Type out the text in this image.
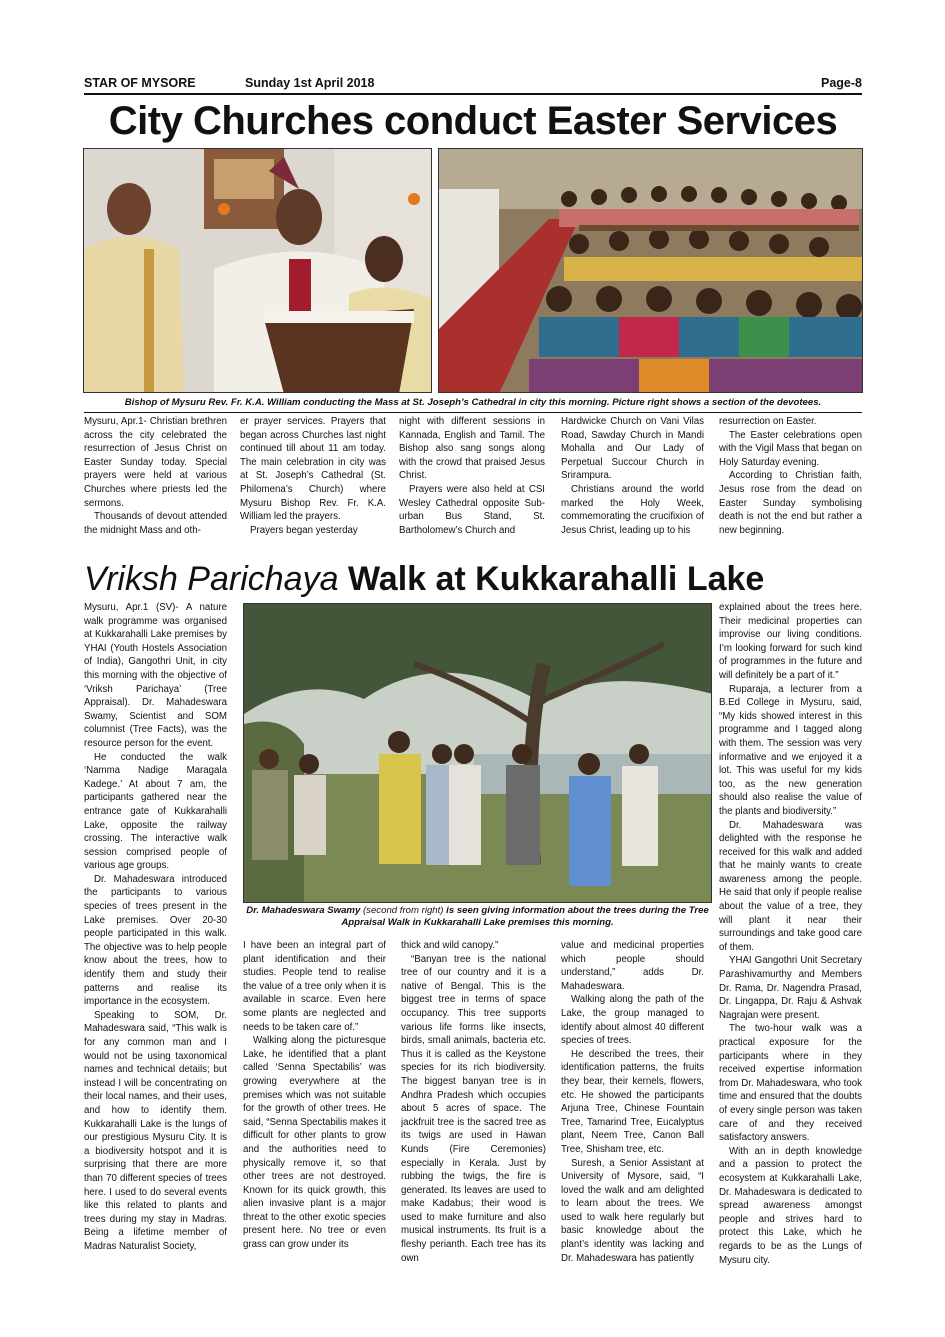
STAR OF MYSORE	Sunday 1st April 2018	Page-8
City Churches conduct Easter Services
Bishop of Mysuru Rev. Fr. K.A. William conducting the Mass at St. Joseph’s Cathedral in city this morning. Picture right shows a section of the devotees.

Mysuru, Apr.1- Christian brethren across the city celebrated the resurrection of Jesus Christ on Easter Sunday today. Special prayers were held at various Churches where priests led the sermons.

Thousands of devout attended the midnight Mass and oth-

er prayer services. Prayers that began across Churches last night continued till about 11 am today. The main celebration in city was at St. Joseph’s Cathedral (St. Philomena’s Church) where Mysuru Bishop Rev. Fr. K.A. William led the prayers.

Prayers began yesterday

night with different sessions in Kannada, English and Tamil. The Bishop also sang songs along with the crowd that praised Jesus Christ.

Prayers were also held at CSI Wesley Cathedral opposite Sub-urban Bus Stand, St. Bartholomew’s Church and

Hardwicke Church on Vani Vilas Road, Sawday Church in Mandi Mohalla and Our Lady of Perpetual Succour Church in Srirampura.

Christians around the world marked the Holy Week, commemorating the crucifixion of Jesus Christ, leading up to his

resurrection on Easter.

The Easter celebrations open with the Vigil Mass that began on Holy Saturday evening.

According to Christian faith, Jesus rose from the dead on Easter Sunday symbolising death is not the end but rather a new beginning.

Vriksh Parichaya Walk at Kukkarahalli Lake
Dr. Mahadeswara Swamy (second from right) is seen giving information about the trees during the Tree Appraisal Walk in Kukkarahalli Lake premises this morning.

Mysuru, Apr.1 (SV)- A nature walk programme was organised at Kukkarahalli Lake premises by YHAI (Youth Hostels Association of India), Gangothri Unit, in city this morning with the objective of ‘Vriksh Parichaya’ (Tree Appraisal). Dr. Mahadeswara Swamy, Scientist and SOM columnist (Tree Facts), was the resource person for the event.

He conducted the walk ‘Namma Nadige Maragala Kadege.’ At about 7 am, the participants gathered near the entrance gate of Kukkarahalli Lake, opposite the railway crossing. The interactive walk session comprised people of various age groups.

Dr. Mahadeswara introduced the participants to various species of trees present in the Lake premises. Over 20-30 people participated in this walk. The objective was to help people know about the trees, how to identify them and study their patterns and realise its importance in the ecosystem.

Speaking to SOM, Dr. Mahadeswara said, “This walk is for any common man and I would not be using taxonomical names and technical details; but instead I will be concentrating on their local names, and their uses, and how to identify them. Kukkarahalli Lake is the lungs of our prestigious Mysuru City. It is a biodiversity hotspot and it is surprising that there are more than 70 different species of trees here. I used to do several events like this related to plants and trees during my stay in Madras. Being a lifetime member of Madras Naturalist Society,

I have been an integral part of plant identification and their studies. People tend to realise the value of a tree only when it is available in scarce. Even here some plants are neglected and needs to be taken care of.”

Walking along the picturesque Lake, he identified that a plant called ‘Senna Spectabilis’ was growing everywhere at the premises which was not suitable for the growth of other trees. He said, “Senna Spectabilis makes it difficult for other plants to grow and the authorities need to physically remove it, so that other trees are not destroyed. Known for its quick growth, this alien invasive plant is a major threat to the other exotic species present here. No tree or even grass can grow under its

thick and wild canopy.”

“Banyan tree is the national tree of our country and it is a native of Bengal. This is the biggest tree in terms of space occupancy. This tree supports various life forms like insects, birds, small animals, bacteria etc. Thus it is called as the Keystone species for its rich biodiversity. The biggest banyan tree is in Andhra Pradesh which occupies about 5 acres of space. The jackfruit tree is the sacred tree as its twigs are used in Hawan Kunds (Fire Ceremonies) especially in Kerala. Just by rubbing the twigs, the fire is generated. Its leaves are used to make Kadabus; their wood is used to make furniture and also musical instruments. Its fruit is a fleshy perianth. Each tree has its own

value and medicinal properties which people should understand,” adds Dr. Mahadeswara.

Walking along the path of the Lake, the group managed to identify about almost 40 different species of trees.

He described the trees, their identification patterns, the fruits they bear, their kernels, flowers, etc. He showed the participants Arjuna Tree, Chinese Fountain Tree, Tamarind Tree, Eucalyptus plant, Neem Tree, Canon Ball Tree, Shisham tree, etc.

Suresh, a Senior Assistant at University of Mysore, said, “I loved the walk and am delighted to learn about the trees. We used to walk here regularly but basic knowledge about the plant’s identity was lacking and Dr. Mahadeswara has patiently

explained about the trees here. Their medicinal properties can improvise our living conditions. I’m looking forward for such kind of programmes in the future and will definitely be a part of it.”

Ruparaja, a lecturer from a B.Ed College in Mysuru, said, “My kids showed interest in this programme and I tagged along with them. The session was very informative and we enjoyed it a lot. This was useful for my kids too, as the new generation should also realise the value of the plants and biodiversity.”

Dr. Mahadeswara was delighted with the response he received for this walk and added that he mainly wants to create awareness among the people. He said that only if people realise about the value of a tree, they will plant it near their surroundings and take good care of them.

YHAI Gangothri Unit Secretary Parashivamurthy and Members Dr. Rama, Dr. Nagendra Prasad, Dr. Lingappa, Dr. Raju & Ashvak Nagrajan were present.

The two-hour walk was a practical exposure for the participants where in they received expertise information from Dr. Mahadeswara, who took time and ensured that the doubts of every single person was taken care of and they received satisfactory answers.

With an in depth knowledge and a passion to protect the ecosystem at Kukkarahalli Lake, Dr. Mahadeswara is dedicated to spread awareness amongst people and strives hard to protect this Lake, which he regards to be as the Lungs of Mysuru city.
